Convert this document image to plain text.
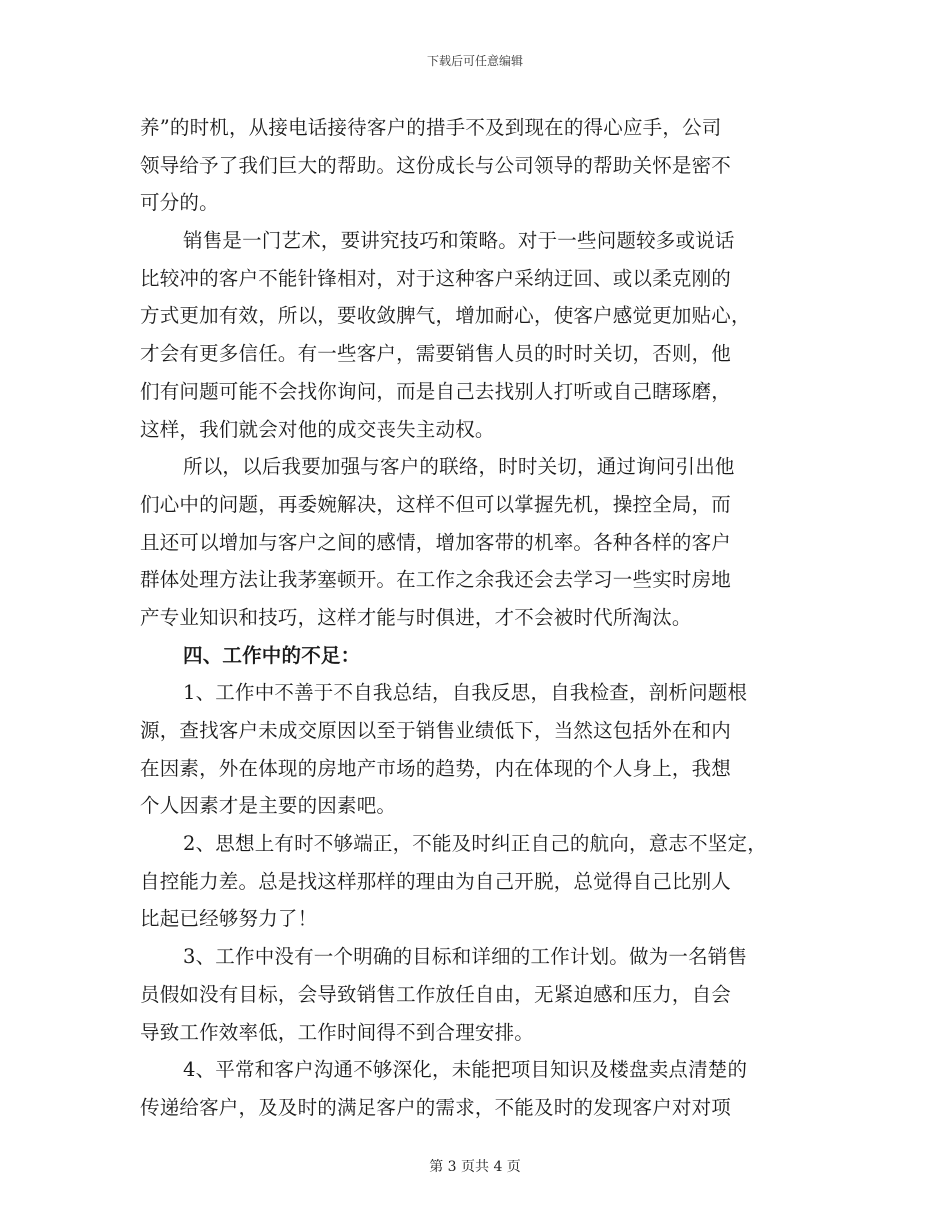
下载后可任意编辑
养”的时机，从接电话接待客户的措手不及到现在的得心应手，公司
领导给予了我们巨大的帮助。这份成长与公司领导的帮助关怀是密不
可分的。
销售是一门艺术，要讲究技巧和策略。对于一些问题较多或说话
比较冲的客户不能针锋相对，对于这种客户采纳迂回、或以柔克刚的
方式更加有效，所以，要收敛脾气，增加耐心，使客户感觉更加贴心，
才会有更多信任。有一些客户，需要销售人员的时时关切，否则，他
们有问题可能不会找你询问，而是自己去找别人打听或自己瞎琢磨，
这样，我们就会对他的成交丧失主动权。
所以，以后我要加强与客户的联络，时时关切，通过询问引出他
们心中的问题，再委婉解决，这样不但可以掌握先机，操控全局，而
且还可以增加与客户之间的感情，增加客带的机率。各种各样的客户
群体处理方法让我茅塞顿开。在工作之余我还会去学习一些实时房地
产专业知识和技巧，这样才能与时俱进，才不会被时代所淘汰。
四、工作中的不足：
1、工作中不善于不自我总结，自我反思，自我检查，剖析问题根
源，查找客户未成交原因以至于销售业绩低下，当然这包括外在和内
在因素，外在体现的房地产市场的趋势，内在体现的个人身上，我想
个人因素才是主要的因素吧。
2、思想上有时不够端正，不能及时纠正自己的航向，意志不坚定，
自控能力差。总是找这样那样的理由为自己开脱，总觉得自己比别人
比起已经够努力了！
3、工作中没有一个明确的目标和详细的工作计划。做为一名销售
员假如没有目标，会导致销售工作放任自由，无紧迫感和压力，自会
导致工作效率低，工作时间得不到合理安排。
4、平常和客户沟通不够深化，未能把项目知识及楼盘卖点清楚的
传递给客户，及及时的满足客户的需求，不能及时的发现客户对对项
第 3 页共 4 页
